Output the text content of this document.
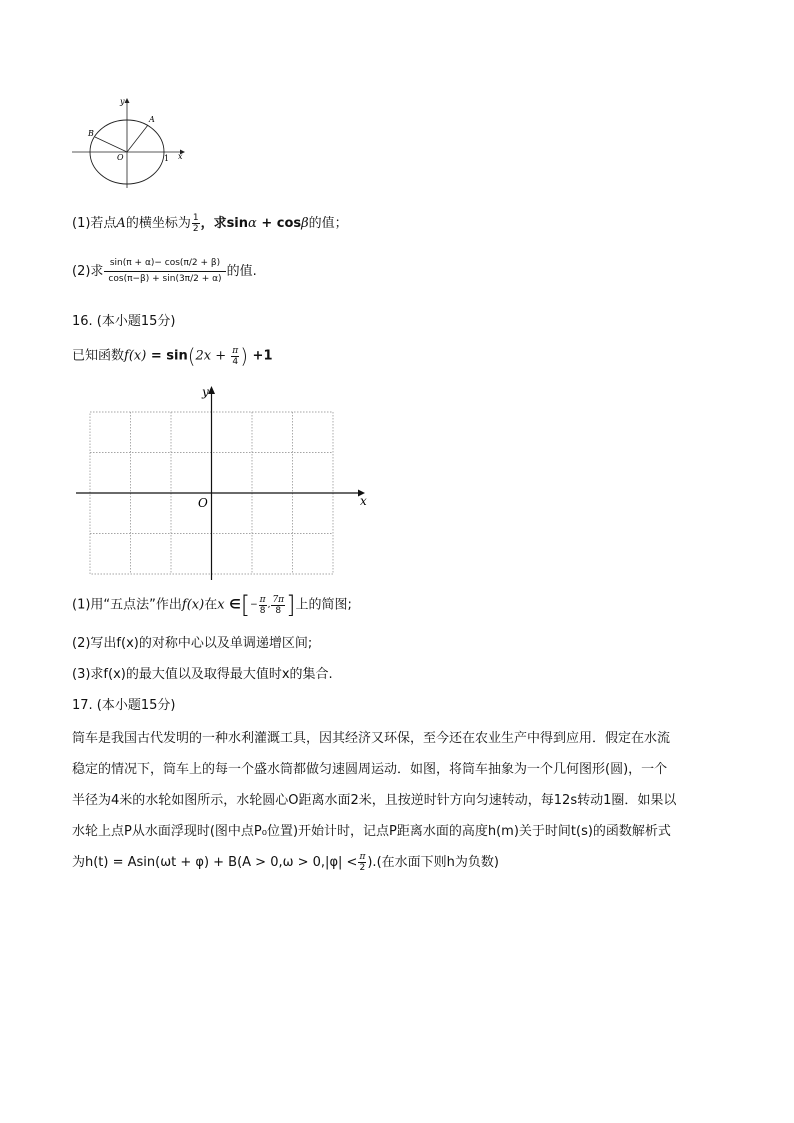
y
A
B
O	1 x
(1)若点A的横坐标为 $\frac{1}{2}$ ，求sinα + cosβ的值；
(2)求 $\frac{\sin(\pi + \alpha)- \cos(\pi/2 + \beta)}{\cos(\pi-\beta) + \sin(3\pi/2 + \alpha)}$ 的值.
16. (本小题15分)
已知函数$f(x) = \sin(2x + \frac{\pi}{4}$ ) +1
y
x
O
(1)用“五点法”作出f(x)在x ∈[− $\frac{\pi}{8}$ , $\frac{7\pi}{8}$ ]上的简图;
(2)写出f(x)的对称中心以及单调递增区间;
(3)求f(x)的最大值以及取得最大值时x的集合.
17. (本小题15分)
筒车是我国古代发明的一种水利灌溉工具，因其经济又环保，至今还在农业生产中得到应用．假定在水流
稳定的情况下，筒车上的每一个盛水筒都做匀速圆周运动．如图，将筒车抽象为一个几何图形(圆)，一个
半径为4米的水轮如图所示，水轮圆心O距离水面2米，且按逆时针方向匀速转动，每12s转动1圈．如果以
水轮上点P从水面浮现时(图中点P₀位置)开始计时，记点P距离水面的高度h(m)关于时间t(s)的函数解析式
为$h(t) = Asin(\omega t + \varphi) + B(A > 0,\omega > 0,|\varphi| < \frac{\pi}{2}$ ).(在水面下则h为负数)
